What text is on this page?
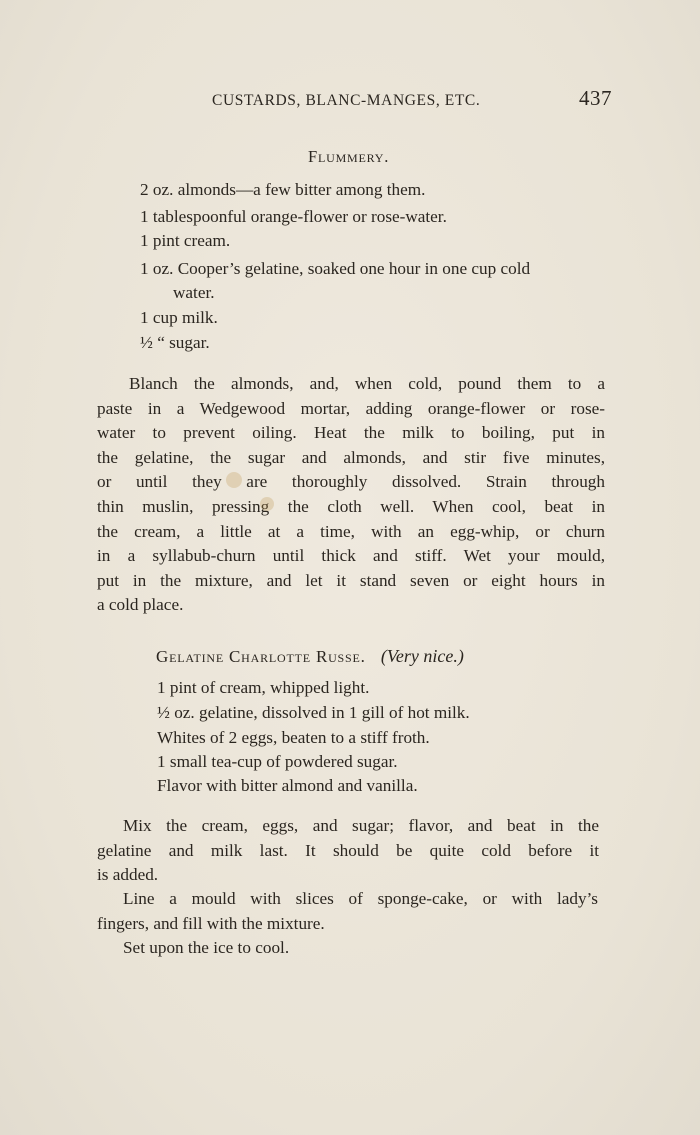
CUSTARDS, BLANC-MANGES, ETC.	437
Flummery.
2 oz. almonds—a few bitter among them.
1 tablespoonful orange-flower or rose-water.
1 pint cream.
1 oz. Cooper’s gelatine, soaked one hour in one cup cold
water.
1 cup milk.
½ “ sugar.
Blanch the almonds, and, when cold, pound them to a
paste in a Wedgewood mortar, adding orange-flower or rose-
water to prevent oiling. Heat the milk to boiling, put in
the gelatine, the sugar and almonds, and stir five minutes,
or until they are thoroughly dissolved. Strain through
thin muslin, pressing the cloth well. When cool, beat in
the cream, a little at a time, with an egg-whip, or churn
in a syllabub-churn until thick and stiff. Wet your mould,
put in the mixture, and let it stand seven or eight hours in
a cold place.
Gelatine Charlotte Russe. (Very nice.)
1 pint of cream, whipped light.
½ oz. gelatine, dissolved in 1 gill of hot milk.
Whites of 2 eggs, beaten to a stiff froth.
1 small tea-cup of powdered sugar.
Flavor with bitter almond and vanilla.
Mix the cream, eggs, and sugar; flavor, and beat in the
gelatine and milk last. It should be quite cold before it
is added.
Line a mould with slices of sponge-cake, or with lady’s
fingers, and fill with the mixture.
Set upon the ice to cool.
